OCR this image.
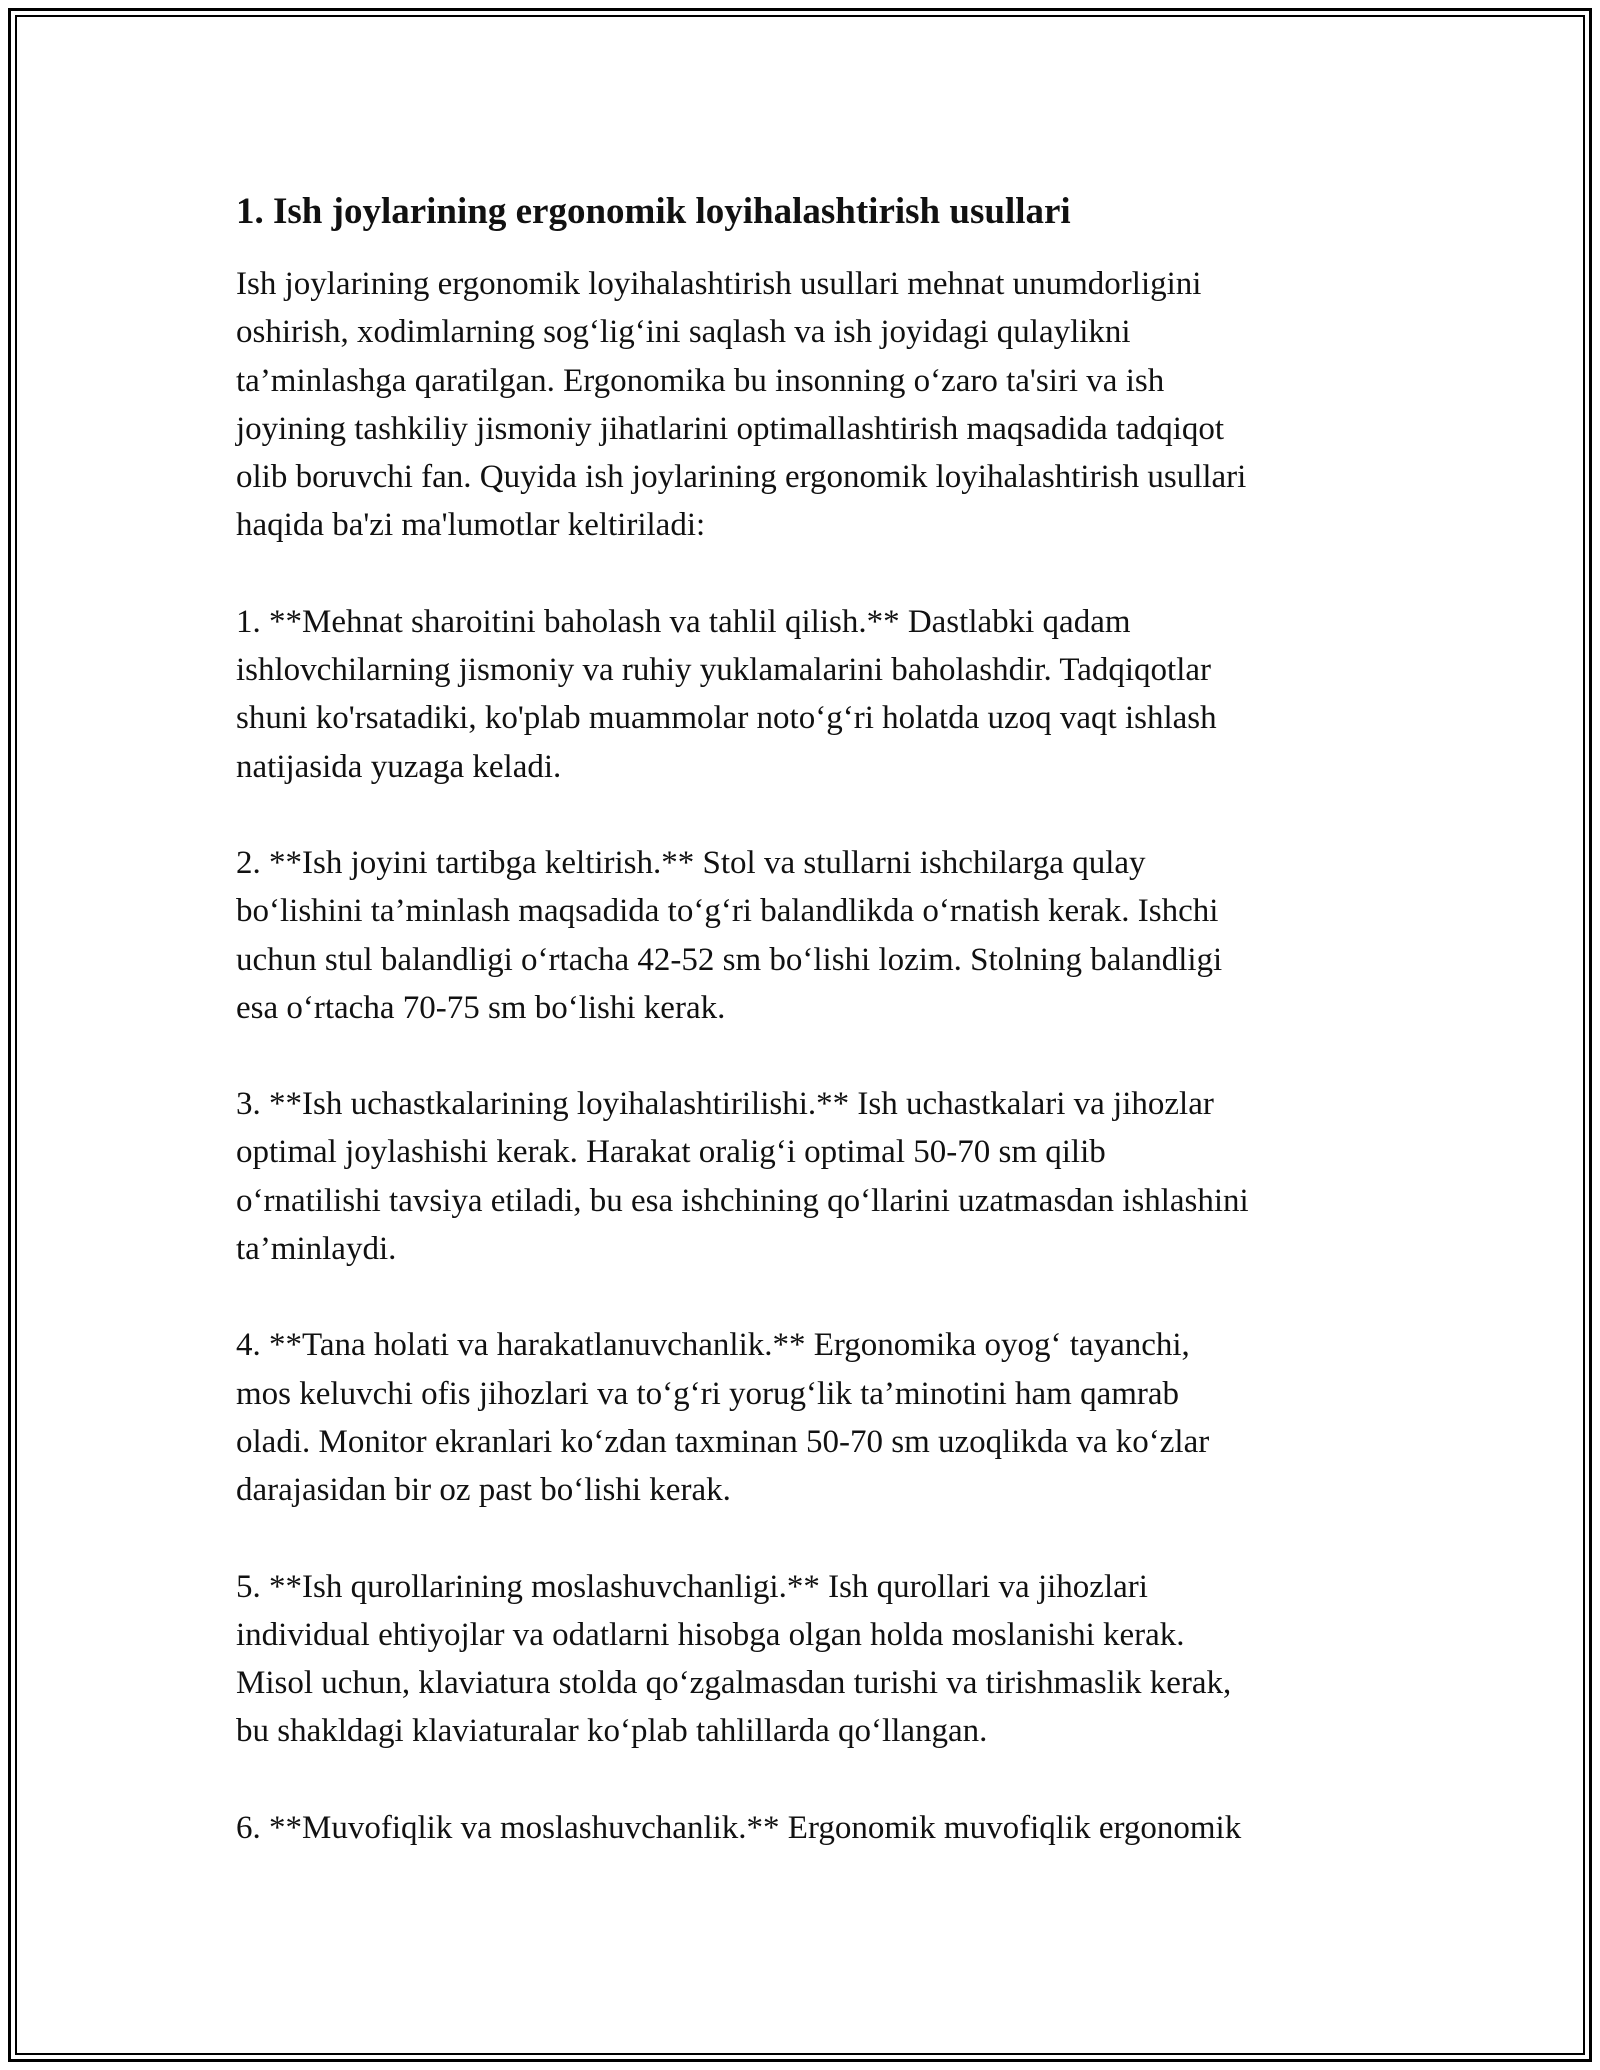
1. Ish joylarining ergonomik loyihalashtirish usullari

Ish joylarining ergonomik loyihalashtirish usullari mehnat unumdorligini
oshirish, xodimlarning sog‘lig‘ini saqlash va ish joyidagi qulaylikni
ta’minlashga qaratilgan. Ergonomika bu insonning o‘zaro ta'siri va ish
joyining tashkiliy jismoniy jihatlarini optimallashtirish maqsadida tadqiqot
olib boruvchi fan. Quyida ish joylarining ergonomik loyihalashtirish usullari
haqida ba'zi ma'lumotlar keltiriladi:

1. **Mehnat sharoitini baholash va tahlil qilish.** Dastlabki qadam
ishlovchilarning jismoniy va ruhiy yuklamalarini baholashdir. Tadqiqotlar
shuni ko'rsatadiki, ko'plab muammolar noto‘g‘ri holatda uzoq vaqt ishlash
natijasida yuzaga keladi.

2. **Ish joyini tartibga keltirish.** Stol va stullarni ishchilarga qulay
bo‘lishini ta’minlash maqsadida to‘g‘ri balandlikda o‘rnatish kerak. Ishchi
uchun stul balandligi o‘rtacha 42-52 sm bo‘lishi lozim. Stolning balandligi
esa o‘rtacha 70-75 sm bo‘lishi kerak.

3. **Ish uchastkalarining loyihalashtirilishi.** Ish uchastkalari va jihozlar
optimal joylashishi kerak. Harakat oralig‘i optimal 50-70 sm qilib
o‘rnatilishi tavsiya etiladi, bu esa ishchining qo‘llarini uzatmasdan ishlashini
ta’minlaydi.

4. **Tana holati va harakatlanuvchanlik.** Ergonomika oyog‘ tayanchi,
mos keluvchi ofis jihozlari va to‘g‘ri yorug‘lik ta’minotini ham qamrab
oladi. Monitor ekranlari ko‘zdan taxminan 50-70 sm uzoqlikda va ko‘zlar
darajasidan bir oz past bo‘lishi kerak.

5. **Ish qurollarining moslashuvchanligi.** Ish qurollari va jihozlari
individual ehtiyojlar va odatlarni hisobga olgan holda moslanishi kerak.
Misol uchun, klaviatura stolda qo‘zgalmasdan turishi va tirishmaslik kerak,
bu shakldagi klaviaturalar ko‘plab tahlillarda qo‘llangan.

6. **Muvofiqlik va moslashuvchanlik.** Ergonomik muvofiqlik ergonomik
